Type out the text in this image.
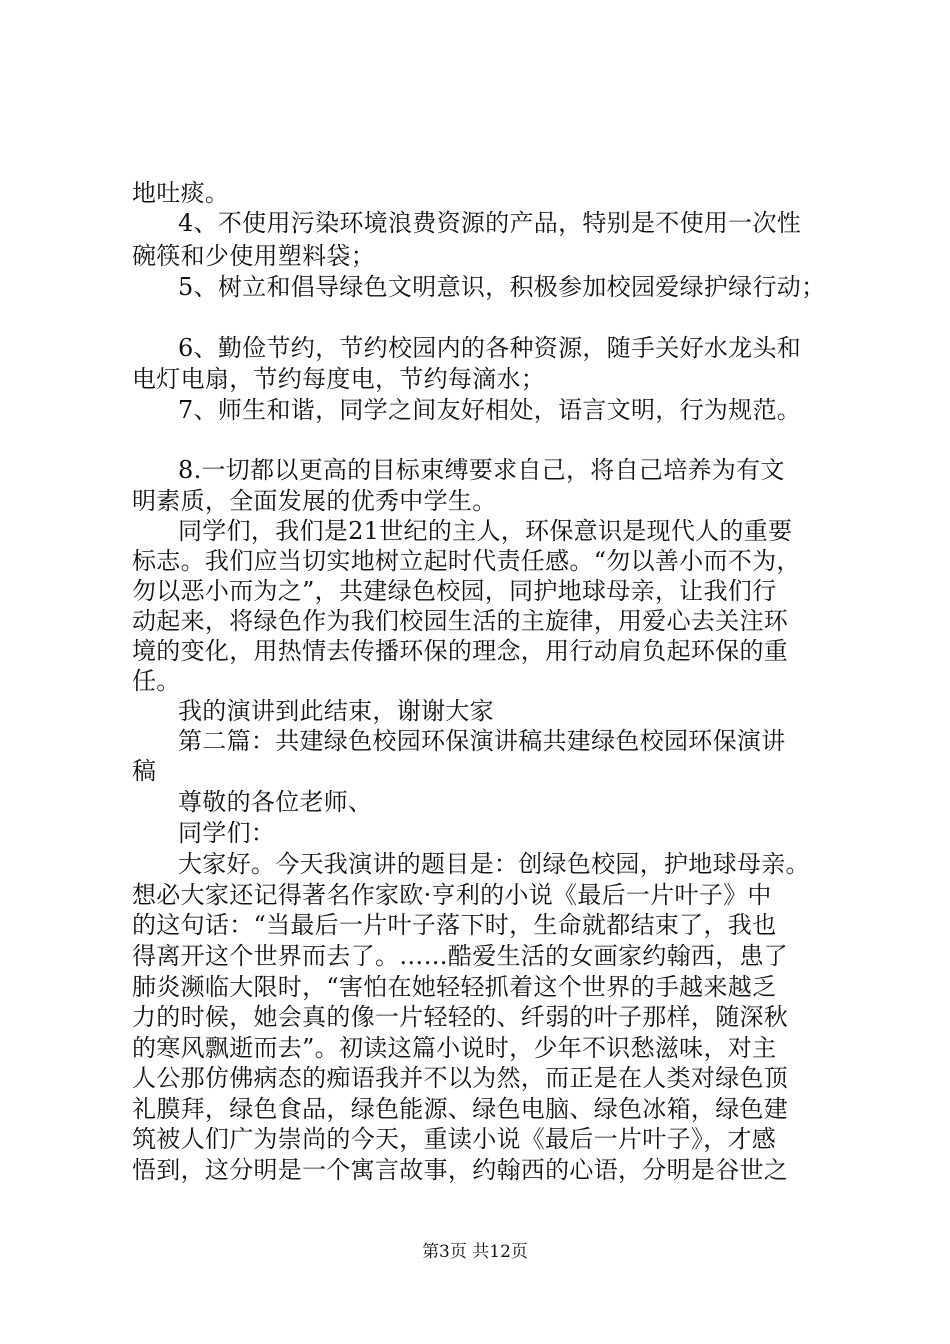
地吐痰。
4、不使用污染环境浪费资源的产品，特别是不使用一次性
碗筷和少使用塑料袋；
5、树立和倡导绿色文明意识，积极参加校园爱绿护绿行动；
6、勤俭节约，节约校园内的各种资源，随手关好水龙头和
电灯电扇，节约每度电，节约每滴水；
7、师生和谐，同学之间友好相处，语言文明，行为规范。
8.一切都以更高的目标束缚要求自己，将自己培养为有文
明素质，全面发展的优秀中学生。
同学们，我们是21世纪的主人，环保意识是现代人的重要
标志。我们应当切实地树立起时代责任感。“勿以善小而不为，
勿以恶小而为之”，共建绿色校园，同护地球母亲，让我们行
动起来，将绿色作为我们校园生活的主旋律，用爱心去关注环
境的变化，用热情去传播环保的理念，用行动肩负起环保的重
任。
我的演讲到此结束，谢谢大家
第二篇：共建绿色校园环保演讲稿共建绿色校园环保演讲
稿
尊敬的各位老师、
同学们：
大家好。今天我演讲的题目是：创绿色校园，护地球母亲。
想必大家还记得著名作家欧·亨利的小说《最后一片叶子》中
的这句话：“当最后一片叶子落下时，生命就都结束了，我也
得离开这个世界而去了。……酷爱生活的女画家约翰西，患了
肺炎濒临大限时，“害怕在她轻轻抓着这个世界的手越来越乏
力的时候，她会真的像一片轻轻的、纤弱的叶子那样，随深秋
的寒风飘逝而去”。初读这篇小说时，少年不识愁滋味，对主
人公那仿佛病态的痴语我并不以为然，而正是在人类对绿色顶
礼膜拜，绿色食品，绿色能源、绿色电脑、绿色冰箱，绿色建
筑被人们广为崇尚的今天，重读小说《最后一片叶子》，才感
悟到，这分明是一个寓言故事，约翰西的心语，分明是谷世之
第3页 共12页
